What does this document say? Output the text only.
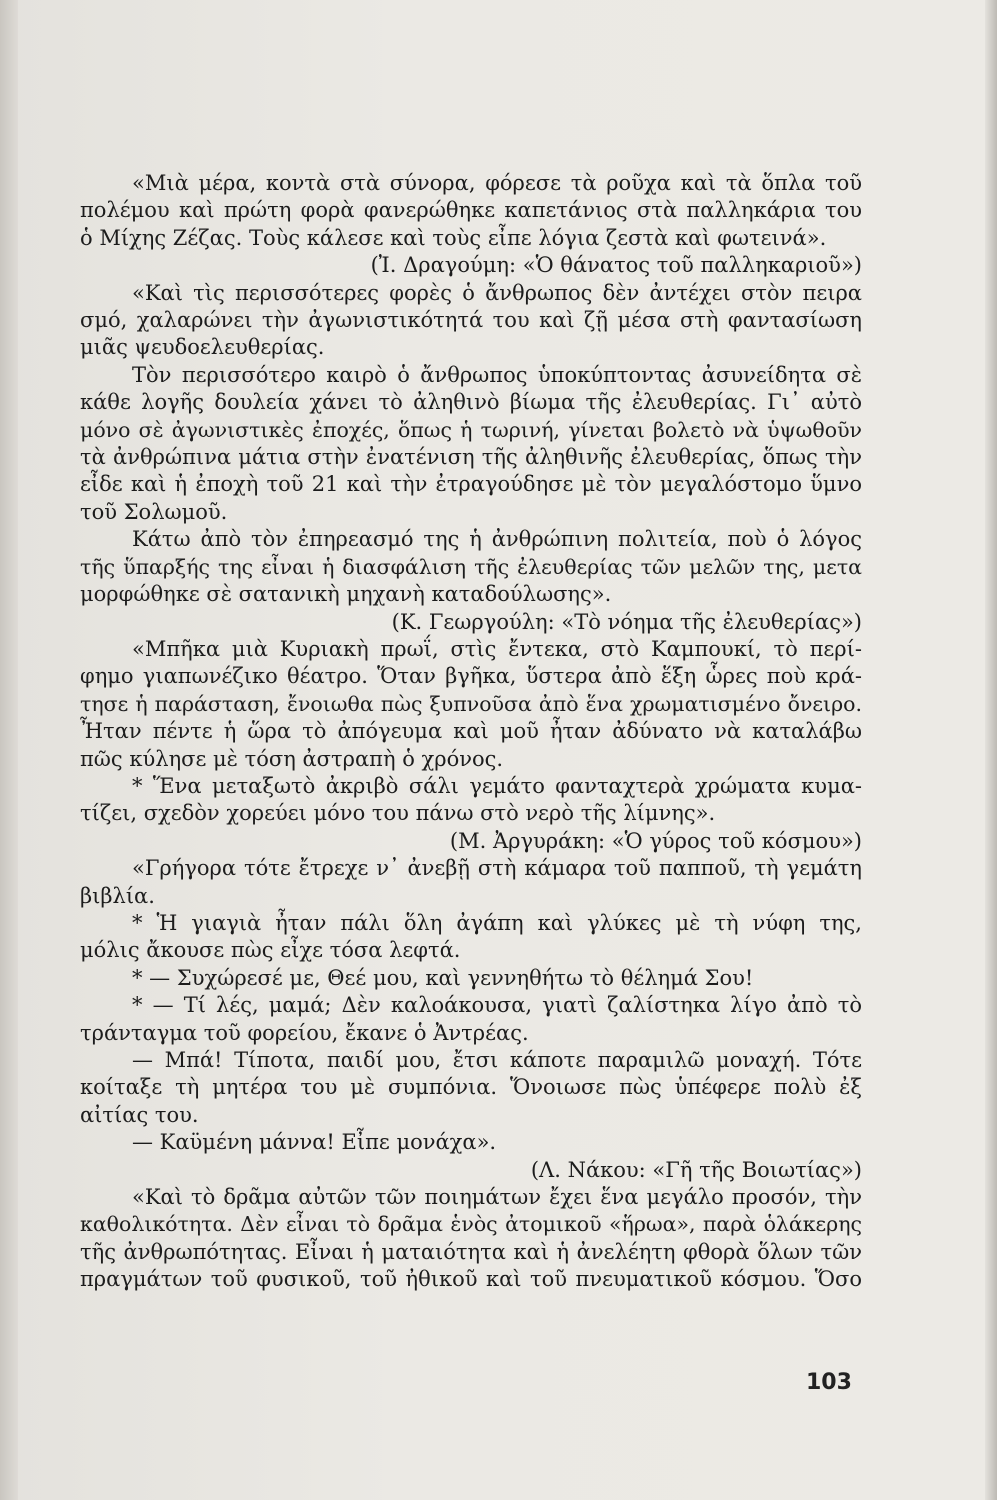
«Μιὰ μέρα, κοντὰ στὰ σύνορα, φόρεσε τὰ ροῦχα καὶ τὰ ὅπλα τοῦ
πολέμου καὶ πρώτη φορὰ φανερώθηκε καπετάνιος στὰ παλληκάρια του
ὁ Μίχης Ζέζας. Τοὺς κάλεσε καὶ τοὺς εἶπε λόγια ζεστὰ καὶ φωτεινά».
(Ἰ. Δραγούμη: «Ὁ θάνατος τοῦ παλληκαριοῦ»)
«Καὶ τὶς περισσότερες φορὲς ὁ ἄνθρωπος δὲν ἀντέχει στὸν πειρα
σμό, χαλαρώνει τὴν ἀγωνιστικότητά του καὶ ζῇ μέσα στὴ φαντασίωση
μιᾶς ψευδοελευθερίας.
Τὸν περισσότερο καιρὸ ὁ ἄνθρωπος ὑποκύπτοντας ἀσυνείδητα σὲ
κάθε λογῆς δουλεία χάνει τὸ ἀληθινὸ βίωμα τῆς ἐλευθερίας. Γι᾽ αὐτὸ
μόνο σὲ ἀγωνιστικὲς ἐποχές, ὅπως ἡ τωρινή, γίνεται βολετὸ νὰ ὑψωθοῦν
τὰ ἀνθρώπινα μάτια στὴν ἐνατένιση τῆς ἀληθινῆς ἐλευθερίας, ὅπως τὴν
εἶδε καὶ ἡ ἐποχὴ τοῦ 21 καὶ τὴν ἐτραγούδησε μὲ τὸν μεγαλόστομο ὕμνο
τοῦ Σολωμοῦ.
Κάτω ἀπὸ τὸν ἐπηρεασμό της ἡ ἀνθρώπινη πολιτεία, ποὺ ὁ λόγος
τῆς ὕπαρξής της εἶναι ἡ διασφάλιση τῆς ἐλευθερίας τῶν μελῶν της, μετα
μορφώθηκε σὲ σατανικὴ μηχανὴ καταδούλωσης».
(Κ. Γεωργούλη: «Τὸ νόημα τῆς ἐλευθερίας»)
«Μπῆκα μιὰ Κυριακὴ πρωΐ, στὶς ἔντεκα, στὸ Καμπουκί, τὸ περί-
φημο γιαπωνέζικο θέατρο. Ὅταν βγῆκα, ὕστερα ἀπὸ ἕξη ὧρες ποὺ κρά-
τησε ἡ παράσταση, ἔνοιωθα πὼς ξυπνοῦσα ἀπὸ ἕνα χρωματισμένο ὄνειρο.
Ἦταν πέντε ἡ ὥρα τὸ ἀπόγευμα καὶ μοῦ ἦταν ἀδύνατο νὰ καταλάβω
πῶς κύλησε μὲ τόση ἀστραπὴ ὁ χρόνος.
* Ἕνα μεταξωτὸ ἀκριβὸ σάλι γεμάτο φανταχτερὰ χρώματα κυμα-
τίζει, σχεδὸν χορεύει μόνο του πάνω στὸ νερὸ τῆς λίμνης».
(Μ. Ἀργυράκη: «Ὁ γύρος τοῦ κόσμου»)
«Γρήγορα τότε ἔτρεχε ν᾽ ἀνεβῇ στὴ κάμαρα τοῦ παπποῦ, τὴ γεμάτη
βιβλία.
* Ἡ γιαγιὰ ἦταν πάλι ὅλη ἀγάπη καὶ γλύκες μὲ τὴ νύφη της,
μόλις ἄκουσε πὼς εἶχε τόσα λεφτά.
* — Συχώρεσέ με, Θεέ μου, καὶ γεννηθήτω τὸ θέλημά Σου!
* — Τί λές, μαμά; Δὲν καλοάκουσα, γιατὶ ζαλίστηκα λίγο ἀπὸ τὸ
τράνταγμα τοῦ φορείου, ἔκανε ὁ Ἀντρέας.
— Μπά! Τίποτα, παιδί μου, ἔτσι κάποτε παραμιλῶ μοναχή. Τότε
κοίταξε τὴ μητέρα του μὲ συμπόνια. Ὅνοιωσε πὼς ὑπέφερε πολὺ ἐξ
αἰτίας του.
— Καϋμένη μάννα! Εἶπε μονάχα».
(Λ. Νάκου: «Γῆ τῆς Βοιωτίας»)
«Καὶ τὸ δρᾶμα αὐτῶν τῶν ποιημάτων ἔχει ἕνα μεγάλο προσόν, τὴν
καθολικότητα. Δὲν εἶναι τὸ δρᾶμα ἑνὸς ἀτομικοῦ «ἥρωα», παρὰ ὁλάκερης
τῆς ἀνθρωπότητας. Εἶναι ἡ ματαιότητα καὶ ἡ ἀνελέητη φθορὰ ὅλων τῶν
πραγμάτων τοῦ φυσικοῦ, τοῦ ἠθικοῦ καὶ τοῦ πνευματικοῦ κόσμου. Ὅσο
103
